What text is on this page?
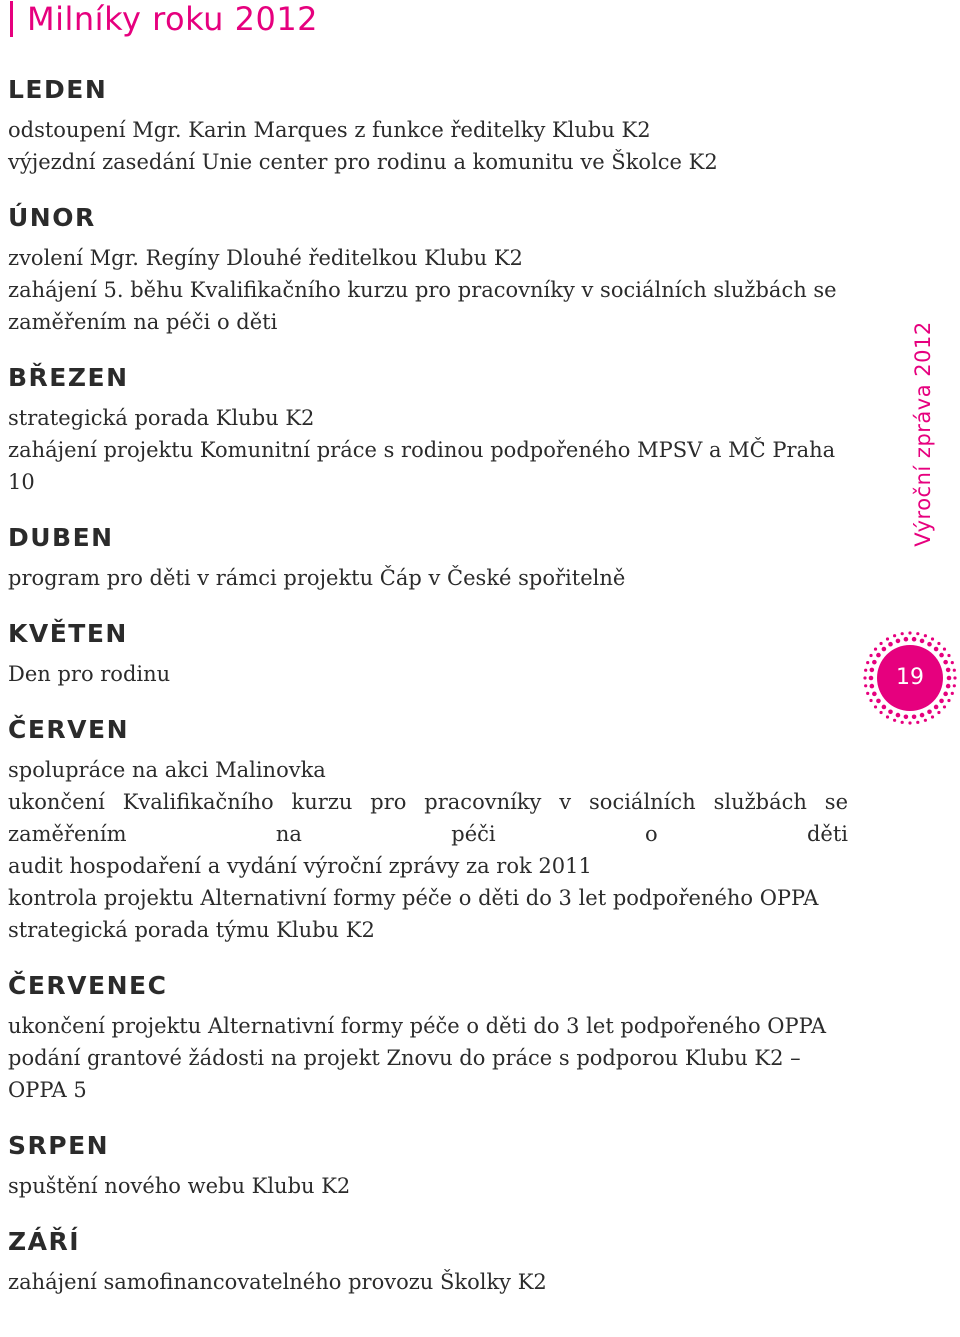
Milníky roku 2012
LEDEN

odstoupení Mgr. Karin Marques z funkce ředitelky Klubu K2

výjezdní zasedání Unie center pro rodinu a komunitu ve Školce K2

ÚNOR

zvolení Mgr. Regíny Dlouhé ředitelkou Klubu K2

zahájení 5. běhu Kvalifikačního kurzu pro pracovníky v sociálních službách se zaměřením na péči o děti

BŘEZEN

strategická porada Klubu K2

zahájení projektu Komunitní práce s rodinou podpořeného MPSV a MČ Praha 10

DUBEN

program pro děti v rámci projektu Čáp v České spořitelně

KVĚTEN

Den pro rodinu

ČERVEN

spolupráce na akci Malinovka

ukončení Kvalifikačního kurzu pro pracovníky v sociálních službách se zaměřením na péči o děti

audit hospodaření a vydání výroční zprávy za rok 2011

kontrola projektu Alternativní formy péče o děti do 3 let podpořeného OPPA

strategická porada týmu Klubu K2

ČERVENEC

ukončení projektu Alternativní formy péče o děti do 3 let podpořeného OPPA

podání grantové žádosti na projekt Znovu do práce s podporou Klubu K2 – OPPA 5

SRPEN

spuštění nového webu Klubu K2

ZÁŘÍ

zahájení samofinancovatelného provozu Školky K2

Výroční zpráva 2012
19
